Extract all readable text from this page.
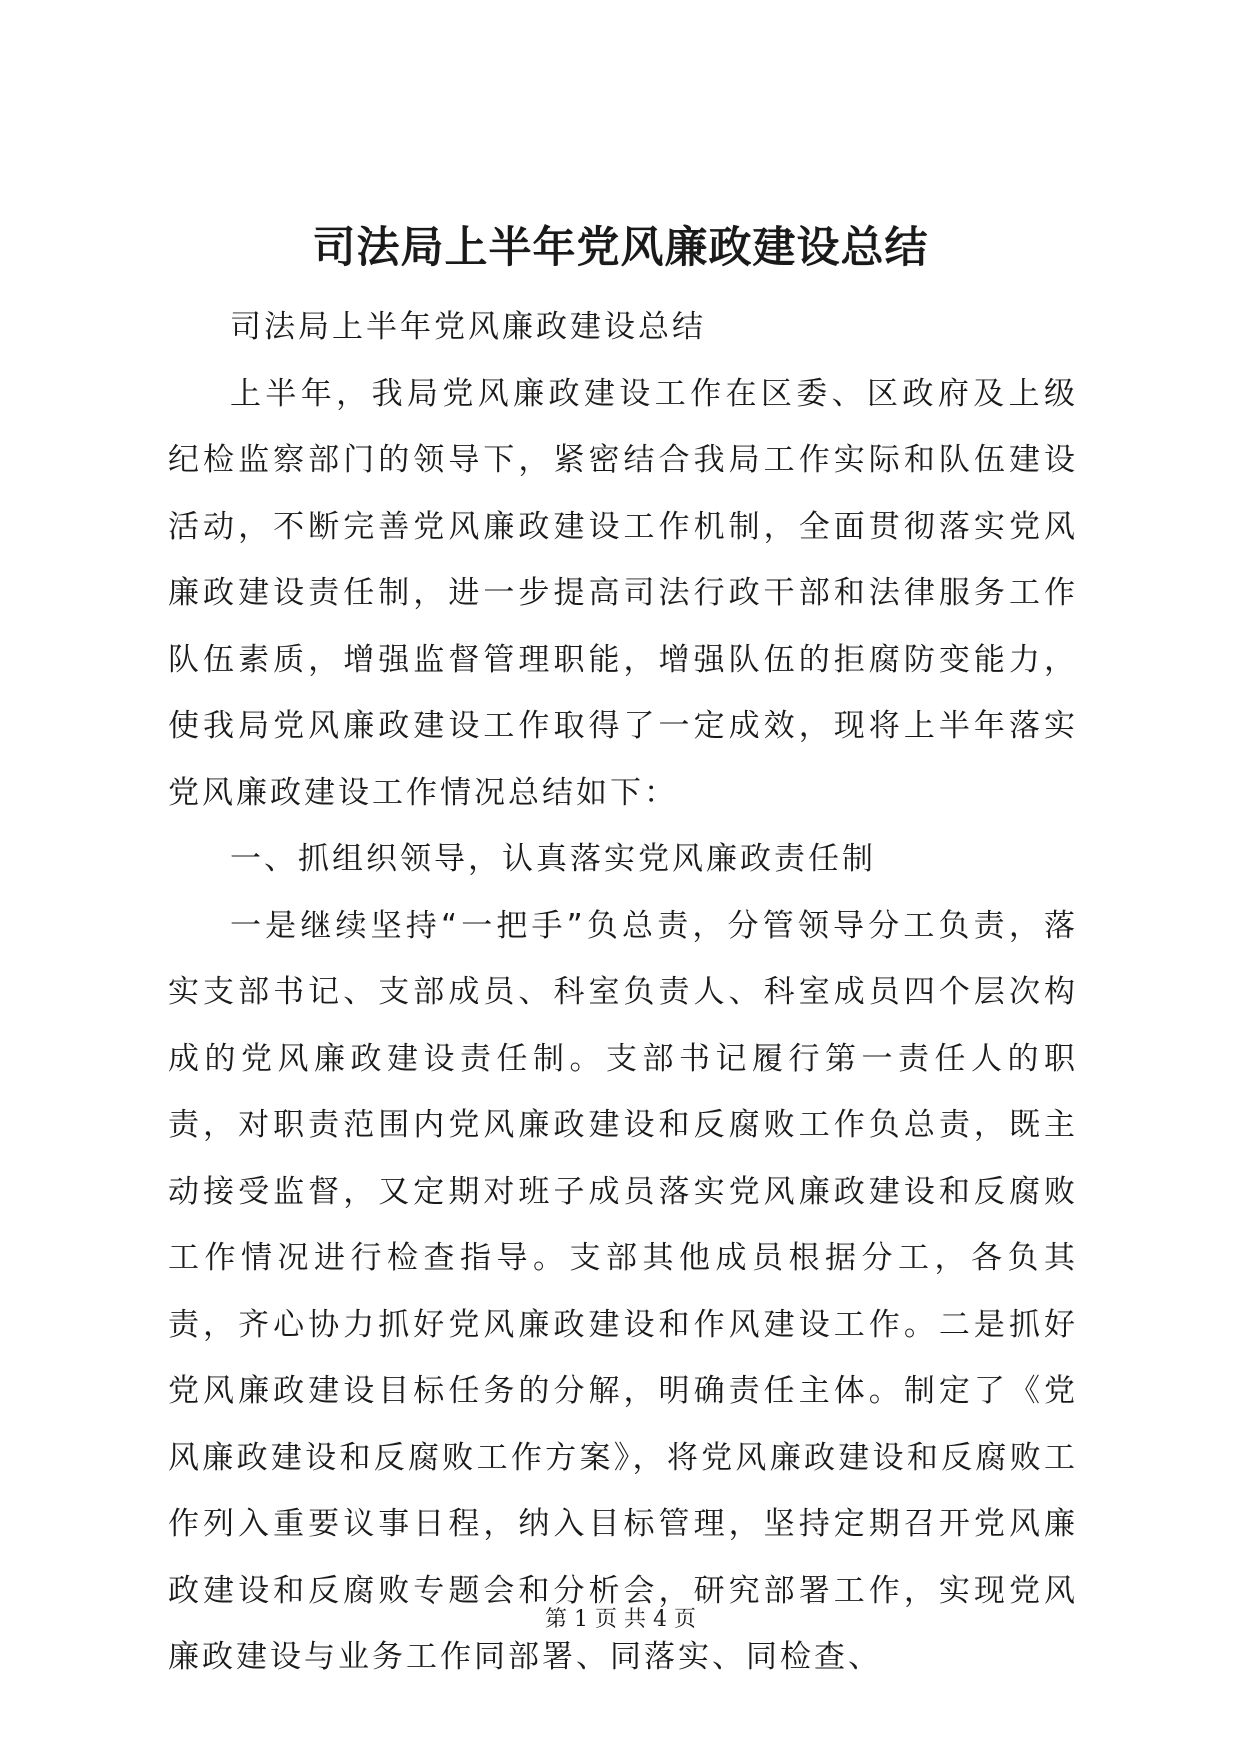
司法局上半年党风廉政建设总结

司法局上半年党风廉政建设总结

上半年，我局党风廉政建设工作在区委、区政府及上级纪检监察部门的领导下，紧密结合我局工作实际和队伍建设活动，不断完善党风廉政建设工作机制，全面贯彻落实党风廉政建设责任制，进一步提高司法行政干部和法律服务工作队伍素质，增强监督管理职能，增强队伍的拒腐防变能力，使我局党风廉政建设工作取得了一定成效，现将上半年落实党风廉政建设工作情况总结如下：

一、抓组织领导，认真落实党风廉政责任制

一是继续坚持“一把手”负总责，分管领导分工负责，落实支部书记、支部成员、科室负责人、科室成员四个层次构成的党风廉政建设责任制。支部书记履行第一责任人的职责，对职责范围内党风廉政建设和反腐败工作负总责，既主动接受监督，又定期对班子成员落实党风廉政建设和反腐败工作情况进行检查指导。支部其他成员根据分工，各负其责，齐心协力抓好党风廉政建设和作风建设工作。二是抓好党风廉政建设目标任务的分解，明确责任主体。制定了《党风廉政建设和反腐败工作方案》，将党风廉政建设和反腐败工作列入重要议事日程，纳入目标管理，坚持定期召开党风廉政建设和反腐败专题会和分析会，研究部署工作，实现党风廉政建设与业务工作同部署、同落实、同检查、

第 1 页 共 4 页
